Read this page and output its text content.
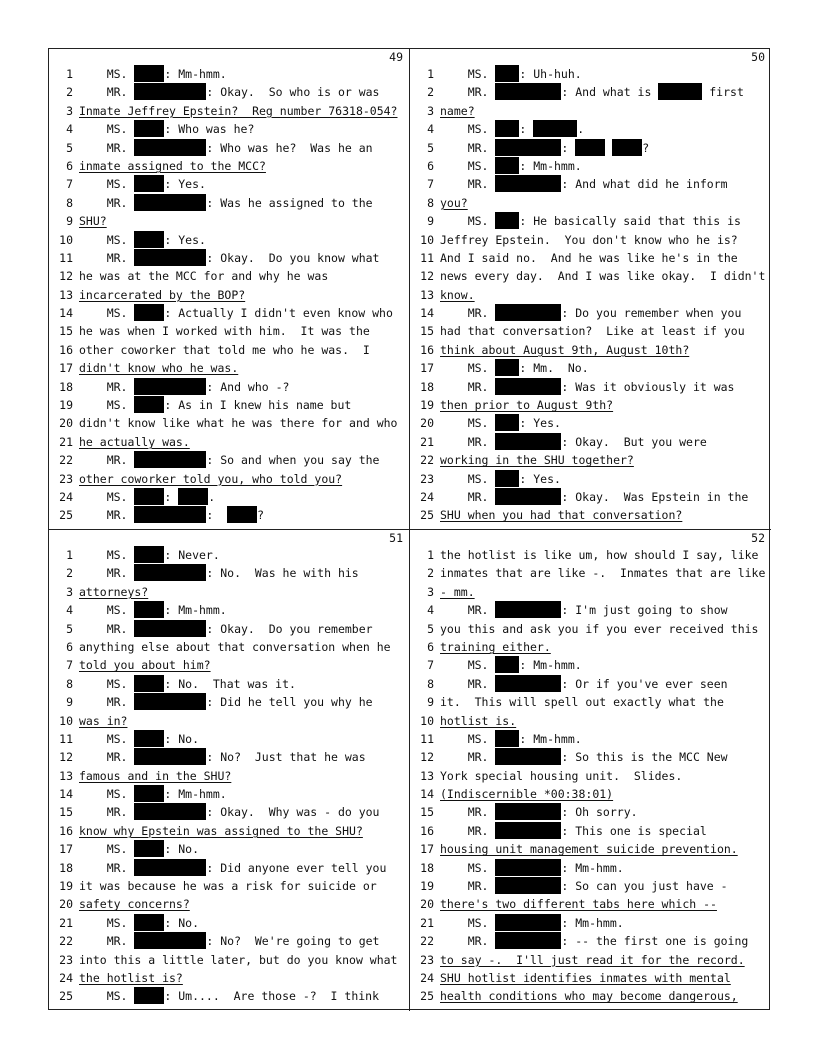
49
1 MS.	: Mm-hmm.
2 MR.	: Okay.  So who is or was
3 Inmate Jeffrey Epstein?  Reg number 76318-054?
4 MS.	: Who was he?
5 MR.	: Who was he?  Was he an
6 inmate assigned to the MCC?
7 MS.	: Yes.
8 MR.	: Was he assigned to the
9 SHU?
10 MS.	: Yes.
11 MR.	: Okay.  Do you know what
12 he was at the MCC for and why he was
13 incarcerated by the BOP?
14 MS.	: Actually I didn't even know who
15 he was when I worked with him.  It was the
16 other coworker that told me who he was.  I
17 didn't know who he was.
18 MR.	: And who -?
19 MS.	: As in I knew his name but
20 didn't know like what he was there for and who
21 he actually was.
22 MR.	: So and when you say the
23 other coworker told you, who told you?
24 MS.	:	.
25 MR.	:	?
50
1 MS. : Uh-huh.
2 MR.	: And what is	first
3 name?
4 MS. :	.
5 MR.	:	?
6 MS. : Mm-hmm.
7 MR.	: And what did he inform
8 you?
9 MS. : He basically said that this is
10 Jeffrey Epstein.  You don't know who he is?
11 And I said no.  And he was like he's in the
12 news every day.  And I was like okay.  I didn't
13 know.
14 MR.	: Do you remember when you
15 had that conversation?  Like at least if you
16 think about August 9th, August 10th?
17 MS. : Mm.  No.
18 MR.	: Was it obviously it was
19 then prior to August 9th?
20 MS. : Yes.
21 MR.	: Okay.  But you were
22 working in the SHU together?
23 MS. : Yes.
24 MR.	: Okay.  Was Epstein in the
25 SHU when you had that conversation?
51
1 MS.	: Never.
2 MR.	: No.  Was he with his
3 attorneys?
4 MS.	: Mm-hmm.
5 MR.	: Okay.  Do you remember
6 anything else about that conversation when he
7 told you about him?
8 MS.	: No.  That was it.
9 MR.	: Did he tell you why he
10 was in?
11 MS.	: No.
12 MR.	: No?  Just that he was
13 famous and in the SHU?
14 MS.	: Mm-hmm.
15 MR.	: Okay.  Why was - do you
16 know why Epstein was assigned to the SHU?
17 MS.	: No.
18 MR.	: Did anyone ever tell you
19 it was because he was a risk for suicide or
20 safety concerns?
21 MS.	: No.
22 MR.	: No?  We're going to get
23 into this a little later, but do you know what
24 the hotlist is?
25 MS.	: Um....  Are those -?  I think
52
1 the hotlist is like um, how should I say, like
2 inmates that are like -.  Inmates that are like
3 - mm.
4 MR.	: I'm just going to show
5 you this and ask you if you ever received this
6 training either.
7 MS. : Mm-hmm.
8 MR.	: Or if you've ever seen
9 it.  This will spell out exactly what the
10 hotlist is.
11 MS. : Mm-hmm.
12 MR.	: So this is the MCC New
13 York special housing unit.  Slides.
14 (Indiscernible *00:38:01)
15 MR.	: Oh sorry.
16 MR.	: This one is special
17 housing unit management suicide prevention.
18 MS.	: Mm-hmm.
19 MR.	: So can you just have -
20 there's two different tabs here which --
21 MS.	: Mm-hmm.
22 MR.	: -- the first one is going
23 to say -.  I'll just read it for the record.
24 SHU hotlist identifies inmates with mental
25 health conditions who may become dangerous,
